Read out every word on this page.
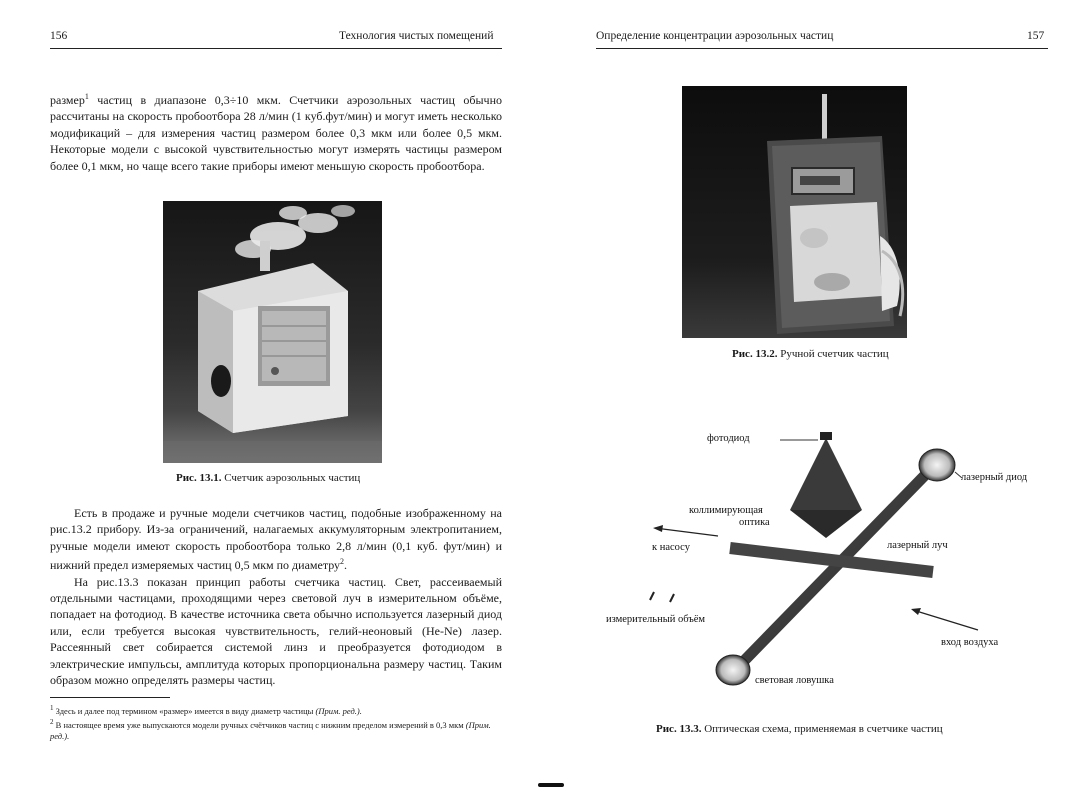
156	Технология чистых помещений
размер$^1$ частиц в диапазоне 0,3÷10 мкм. Счетчики аэрозольных частиц обычно рассчитаны на скорость пробоотбора 28 л/мин (1 куб.фут/мин) и могут иметь несколько модификаций – для измерения частиц размером более 0,3 мкм или более 0,5 мкм. Некоторые модели с высокой чувствительностью могут измерять частицы размером более 0,1 мкм, но чаще всего такие приборы имеют меньшую скорость пробоотбора.
Рис. 13.1. Счетчик аэрозольных частиц

Есть в продаже и ручные модели счетчиков частиц, подобные изображенному на рис.13.2 прибору. Из-за ограничений, налагаемых аккумуляторным электропитанием, ручные модели имеют скорость пробоотбора только 2,8 л/мин (0,1 куб. фут/мин) и нижний предел измеряемых частиц 0,5 мкм по диаметру$^2$.

На рис.13.3 показан принцип работы счетчика частиц. Свет, рассеиваемый отдельными частицами, проходящими через световой луч в измерительном объёме, попадает на фотодиод. В качестве источника света обычно используется лазерный диод или, если требуется высокая чувствительность, гелий-неоновый (He-Ne) лазер. Рассеянный свет собирается системой линз и преобразуется фотодиодом в электрические импульсы, амплитуда которых пропорциональна размеру частиц. Таким образом можно определять размеры частиц.

$^1$ Здесь и далее под термином «размер» имеется в виду диаметр частицы (Прим. ред.).

$^2$ В настоящее время уже выпускаются модели ручных счётчиков частиц с нижним пределом измерений в 0,3 мкм (Прим. ред.).

Определение концентрации аэрозольных частиц	157
Рис. 13.2. Ручной счетчик частиц
фотодиод
лазерный диод
коллимирующая
оптика
к насосу	лазерный луч
измерительный объём
вход воздуха
световая ловушка
Рис. 13.3. Оптическая схема, применяемая в счетчике частиц
